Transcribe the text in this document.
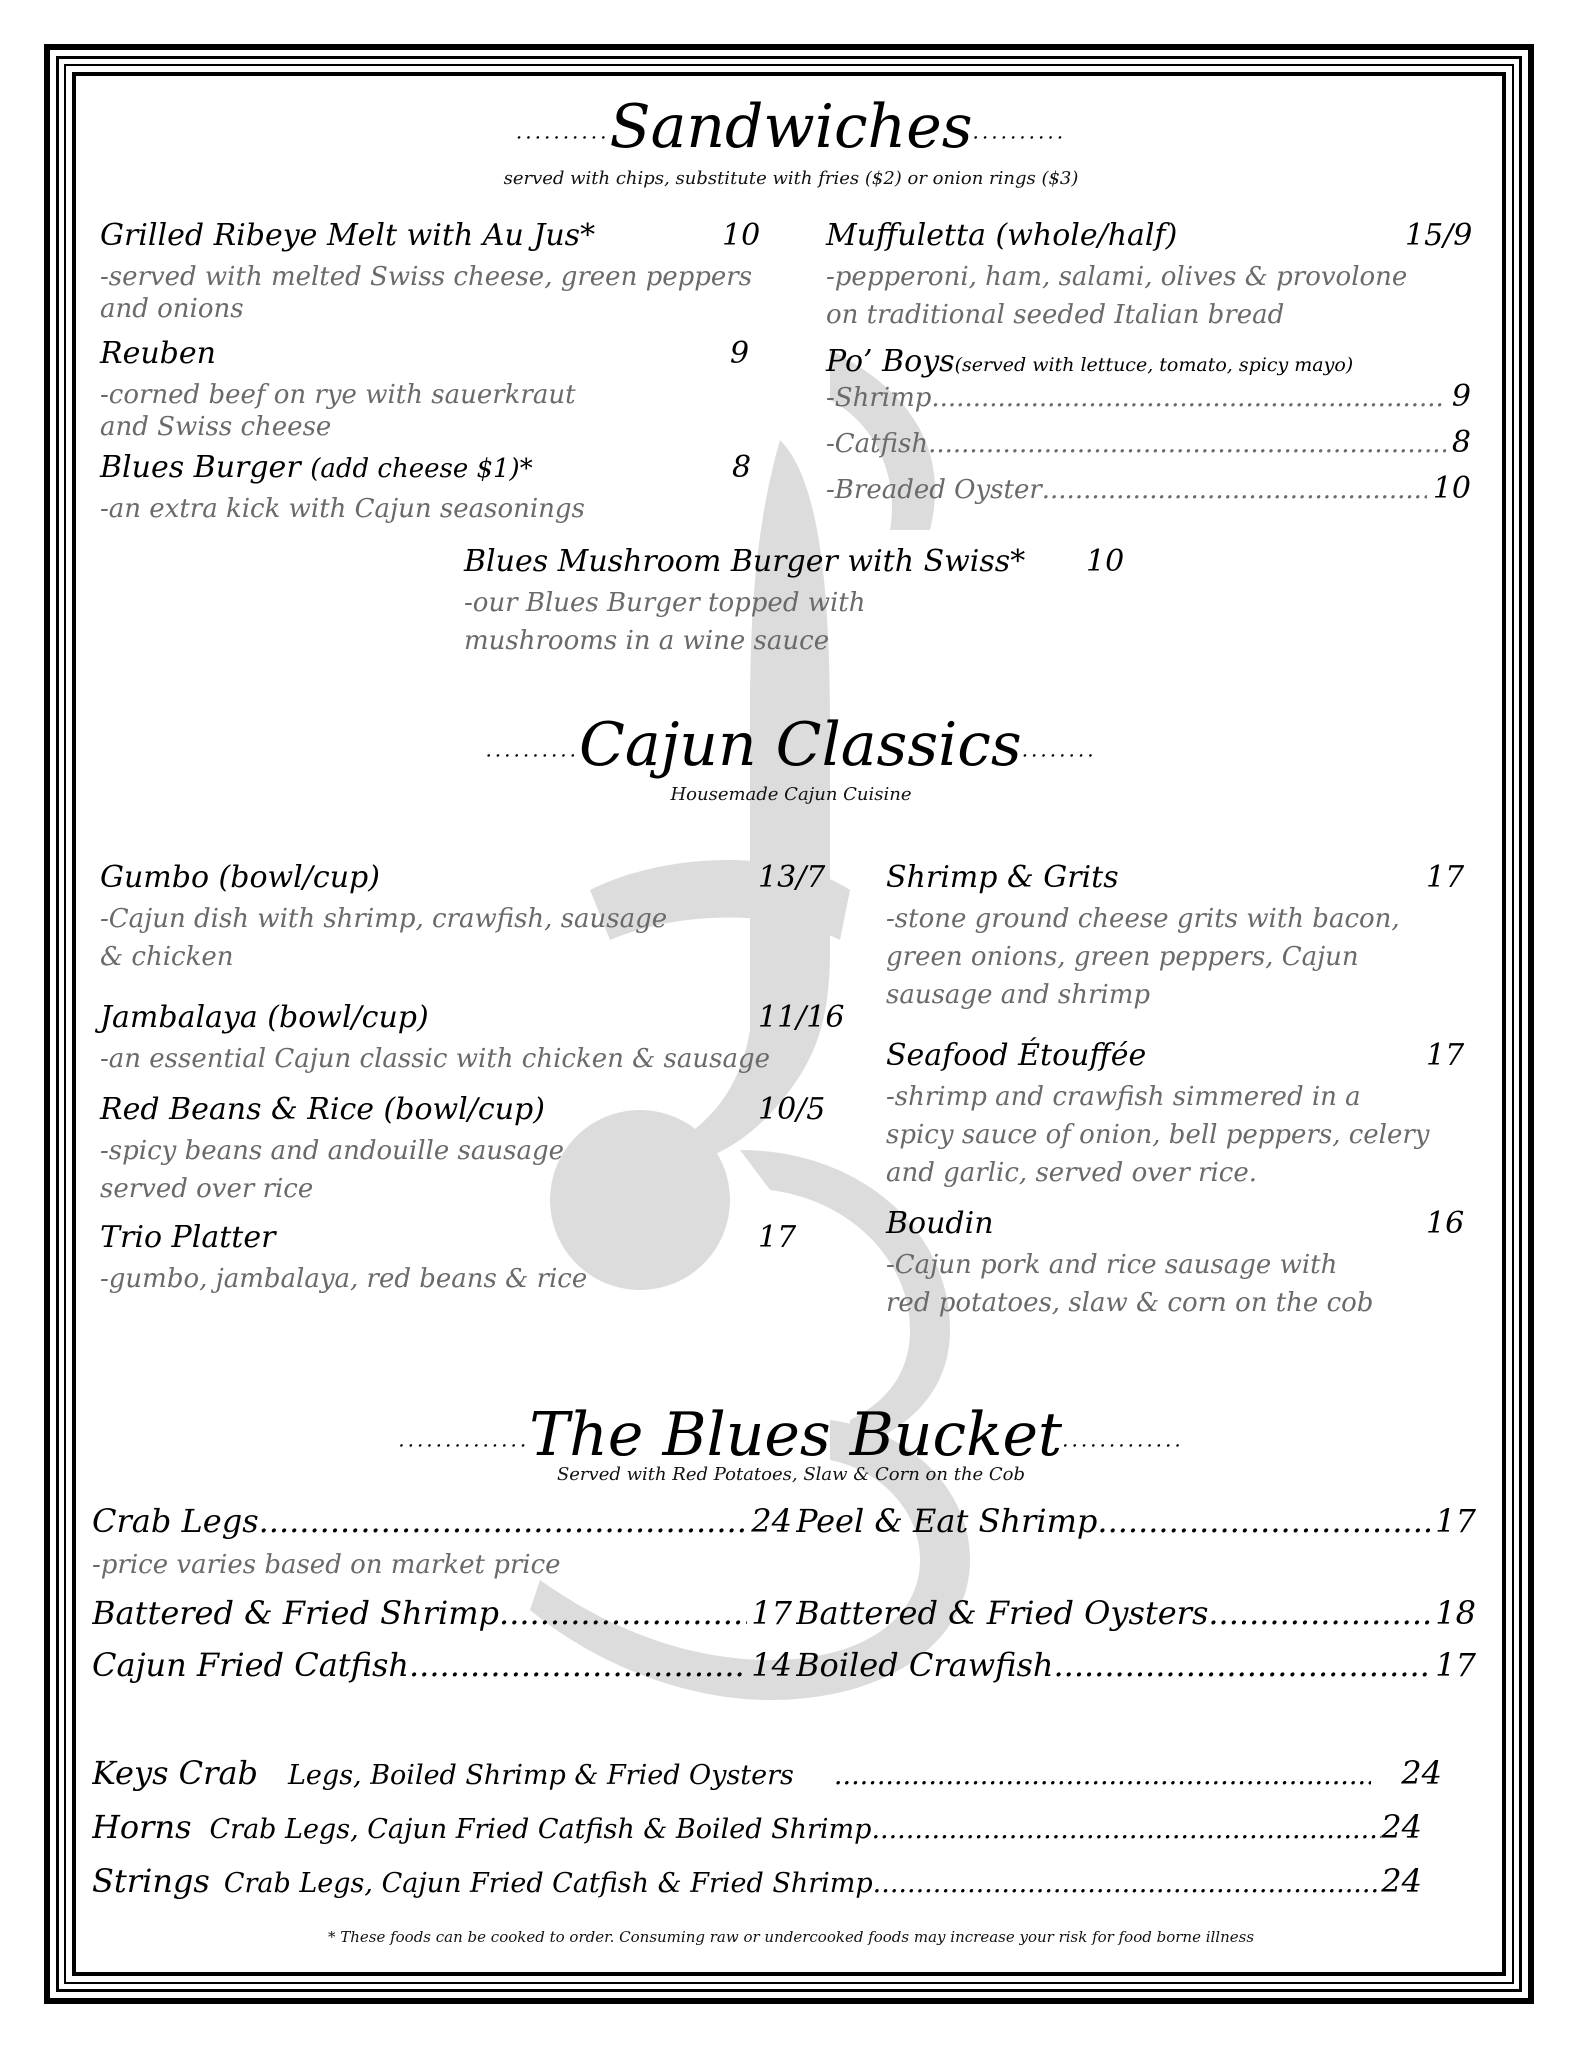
..........Sandwiches..........
served with chips, substitute with fries ($2) or onion rings ($3)
Grilled Ribeye Melt with Au Jus*	10
-served with melted Swiss cheese, green peppers
and onions
Reuben	9
-corned beef on rye with sauerkraut
and Swiss cheese
Blues Burger (add cheese $1)*	8
-an extra kick with Cajun seasonings
Muffuletta (whole/half)	15/9
-pepperoni, ham, salami, olives & provolone
on traditional seeded Italian bread
Po’ Boys(served with lettuce, tomato, spicy mayo)
-Shrimp .....	9
-Catfish .....	8
-Breaded Oyster .....	10
Blues Mushroom Burger with Swiss* 10
-our Blues Burger topped with
mushrooms in a wine sauce
..........Cajun Classics........
Housemade Cajun Cuisine
Gumbo (bowl/cup)	13/7
-Cajun dish with shrimp, crawfish, sausage
& chicken
Jambalaya (bowl/cup)	11/16
-an essential Cajun classic with chicken & sausage
Red Beans & Rice (bowl/cup)	10/5
-spicy beans and andouille sausage
served over rice
Trio Platter	17
-gumbo, jambalaya, red beans & rice
Shrimp & Grits	17
-stone ground cheese grits with bacon,
green onions, green peppers, Cajun
sausage and shrimp
Seafood Étouffée	17
-shrimp and crawfish simmered in a
spicy sauce of onion, bell peppers, celery
and garlic, served over rice.
Boudin	16
-Cajun pork and rice sausage with
red potatoes, slaw & corn on the cob
..............The Blues Bucket.............
Served with Red Potatoes, Slaw & Corn on the Cob
Crab Legs .....	24 Peel & Eat Shrimp .....	17
-price varies based on market price
Battered & Fried Shrimp .....	17 Battered & Fried Oysters .....	18
Cajun Fried Catfish .....	14 Boiled Crawfish .....	17
Keys Crab Legs, Boiled Shrimp & Fried Oysters .....	24
Horns Crab Legs, Cajun Fried Catfish & Boiled Shrimp .....	24
Strings Crab Legs, Cajun Fried Catfish & Fried Shrimp .....	24
* These foods can be cooked to order. Consuming raw or undercooked foods may increase your risk for food borne illness
